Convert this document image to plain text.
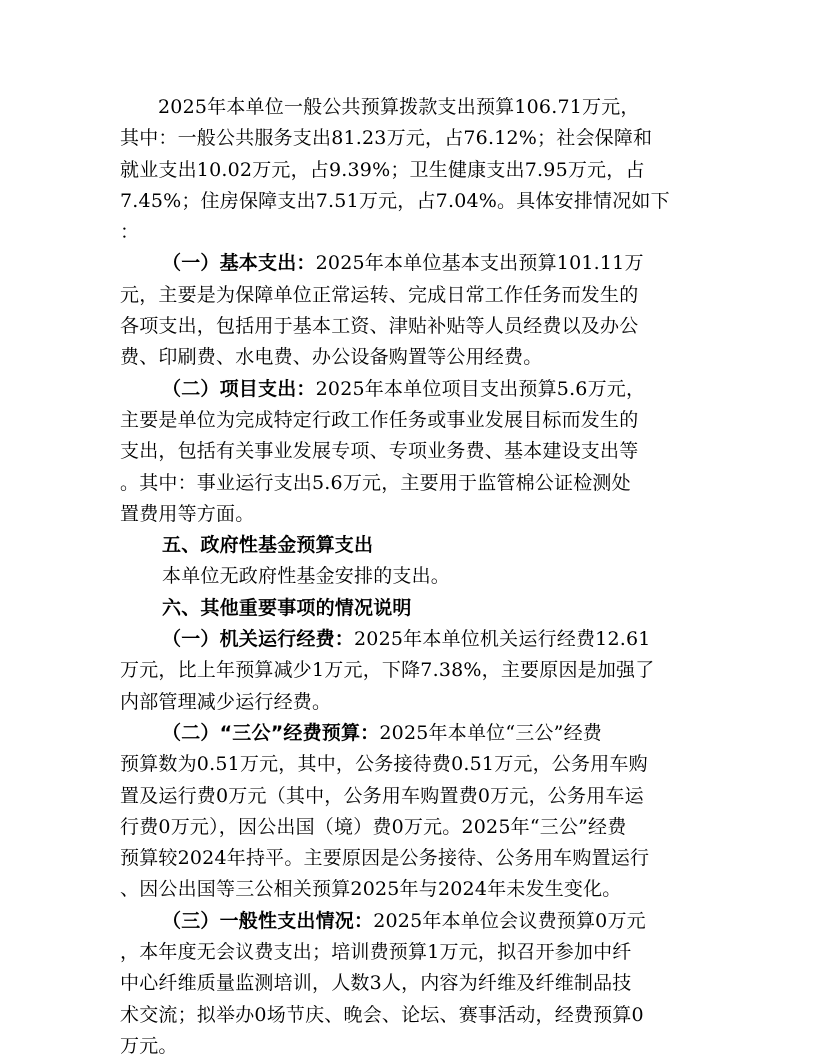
2025年本单位一般公共预算拨款支出预算106.71万元，
其中：一般公共服务支出81.23万元，占76.12%；社会保障和
就业支出10.02万元，占9.39%；卫生健康支出7.95万元，占
7.45%；住房保障支出7.51万元，占7.04%。具体安排情况如下
：
（一）基本支出：2025年本单位基本支出预算101.11万
元，主要是为保障单位正常运转、完成日常工作任务而发生的
各项支出，包括用于基本工资、津贴补贴等人员经费以及办公
费、印刷费、水电费、办公设备购置等公用经费。
（二）项目支出：2025年本单位项目支出预算5.6万元，
主要是单位为完成特定行政工作任务或事业发展目标而发生的
支出，包括有关事业发展专项、专项业务费、基本建设支出等
。其中：事业运行支出5.6万元，主要用于监管棉公证检测处
置费用等方面。
五、政府性基金预算支出
本单位无政府性基金安排的支出。
六、其他重要事项的情况说明
（一）机关运行经费：2025年本单位机关运行经费12.61
万元，比上年预算减少1万元，下降7.38%，主要原因是加强了
内部管理减少运行经费。
（二）“三公”经费预算：2025年本单位“三公”经费
预算数为0.51万元，其中，公务接待费0.51万元，公务用车购
置及运行费0万元（其中，公务用车购置费0万元，公务用车运
行费0万元），因公出国（境）费0万元。2025年“三公”经费
预算较2024年持平。主要原因是公务接待、公务用车购置运行
、因公出国等三公相关预算2025年与2024年未发生变化。
（三）一般性支出情况：2025年本单位会议费预算0万元
，本年度无会议费支出；培训费预算1万元，拟召开参加中纤
中心纤维质量监测培训，人数3人，内容为纤维及纤维制品技
术交流；拟举办0场节庆、晚会、论坛、赛事活动，经费预算0
万元。
